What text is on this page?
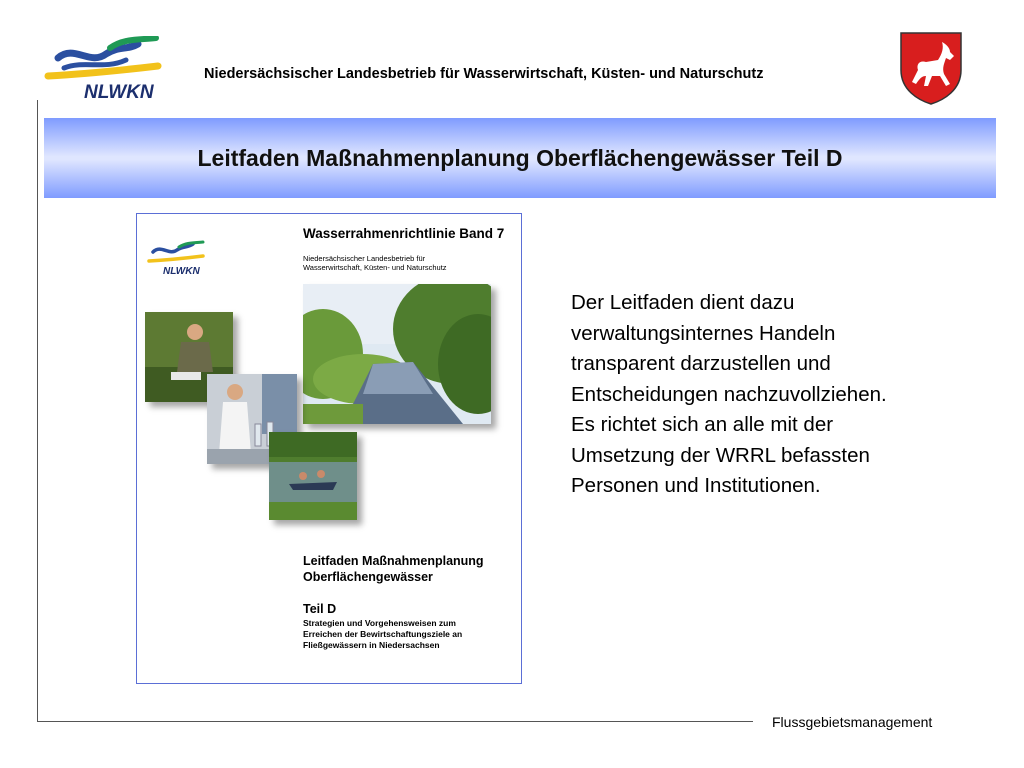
NLWKN
Niedersächsischer Landesbetrieb für Wasserwirtschaft, Küsten- und Naturschutz
Leitfaden Maßnahmenplanung Oberflächengewässer Teil D
NLWKN
Wasserrahmenrichtlinie Band 7
Niedersächsischer Landesbetrieb für
Wasserwirtschaft, Küsten- und Naturschutz
Leitfaden Maßnahmenplanung
Oberflächengewässer
Teil D
Strategien und Vorgehensweisen zum
Erreichen der Bewirtschaftungsziele an
Fließgewässern in Niedersachsen
Der Leitfaden dient dazu
verwaltungsinternes Handeln
transparent darzustellen und
Entscheidungen nachzuvollziehen.
Es richtet sich an alle mit der
Umsetzung der WRRL befassten
Personen und Institutionen.
Flussgebietsmanagement
